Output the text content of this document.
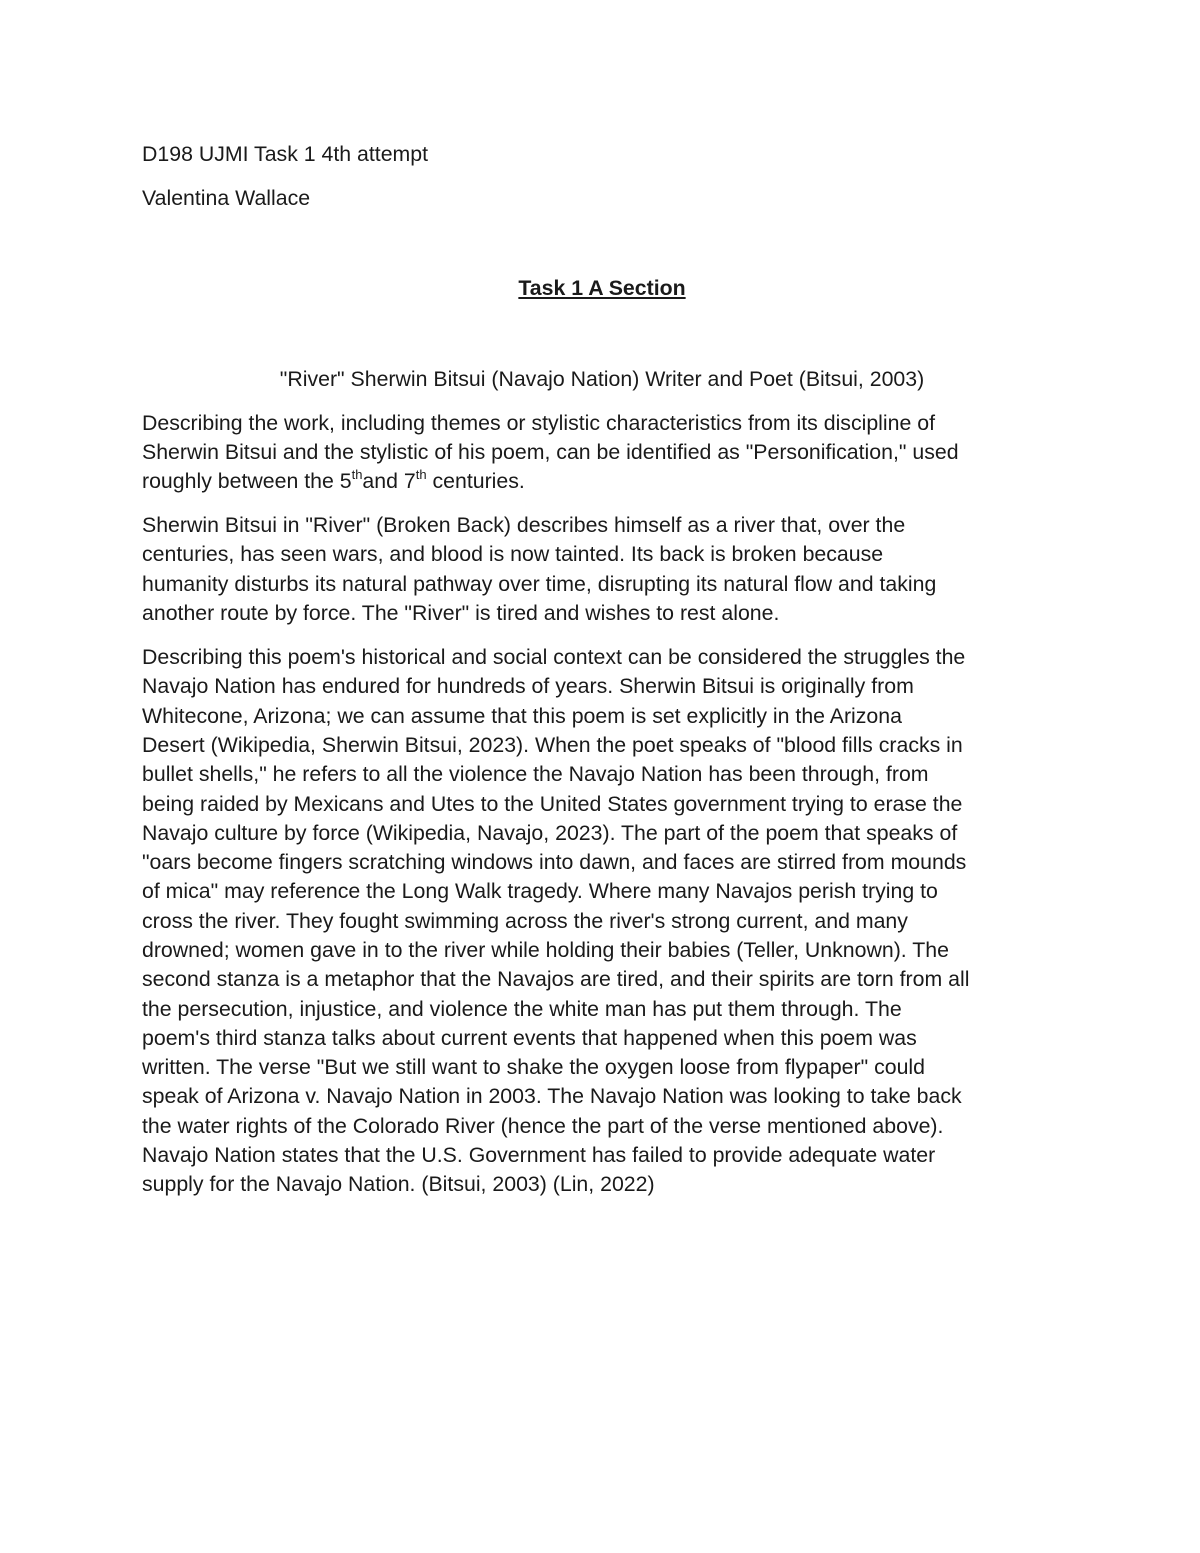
D198 UJMI Task 1 4th attempt

Valentina Wallace

Task 1 A Section

"River" Sherwin Bitsui (Navajo Nation) Writer and Poet (Bitsui, 2003)

Describing the work, including themes or stylistic characteristics from its discipline of
Sherwin Bitsui and the stylistic of his poem, can be identified as "Personification," used
roughly between the 5thand 7th centuries.

Sherwin Bitsui in "River" (Broken Back) describes himself as a river that, over the
centuries, has seen wars, and blood is now tainted. Its back is broken because
humanity disturbs its natural pathway over time, disrupting its natural flow and taking
another route by force. The "River" is tired and wishes to rest alone.

Describing this poem's historical and social context can be considered the struggles the
Navajo Nation has endured for hundreds of years. Sherwin Bitsui is originally from
Whitecone, Arizona; we can assume that this poem is set explicitly in the Arizona
Desert (Wikipedia, Sherwin Bitsui, 2023). When the poet speaks of "blood fills cracks in
bullet shells," he refers to all the violence the Navajo Nation has been through, from
being raided by Mexicans and Utes to the United States government trying to erase the
Navajo culture by force (Wikipedia, Navajo, 2023). The part of the poem that speaks of
"oars become fingers scratching windows into dawn, and faces are stirred from mounds
of mica" may reference the Long Walk tragedy. Where many Navajos perish trying to
cross the river. They fought swimming across the river's strong current, and many
drowned; women gave in to the river while holding their babies (Teller, Unknown). The
second stanza is a metaphor that the Navajos are tired, and their spirits are torn from all
the persecution, injustice, and violence the white man has put them through. The
poem's third stanza talks about current events that happened when this poem was
written. The verse "But we still want to shake the oxygen loose from flypaper" could
speak of Arizona v. Navajo Nation in 2003. The Navajo Nation was looking to take back
the water rights of the Colorado River (hence the part of the verse mentioned above).
Navajo Nation states that the U.S. Government has failed to provide adequate water
supply for the Navajo Nation. (Bitsui, 2003) (Lin, 2022)
